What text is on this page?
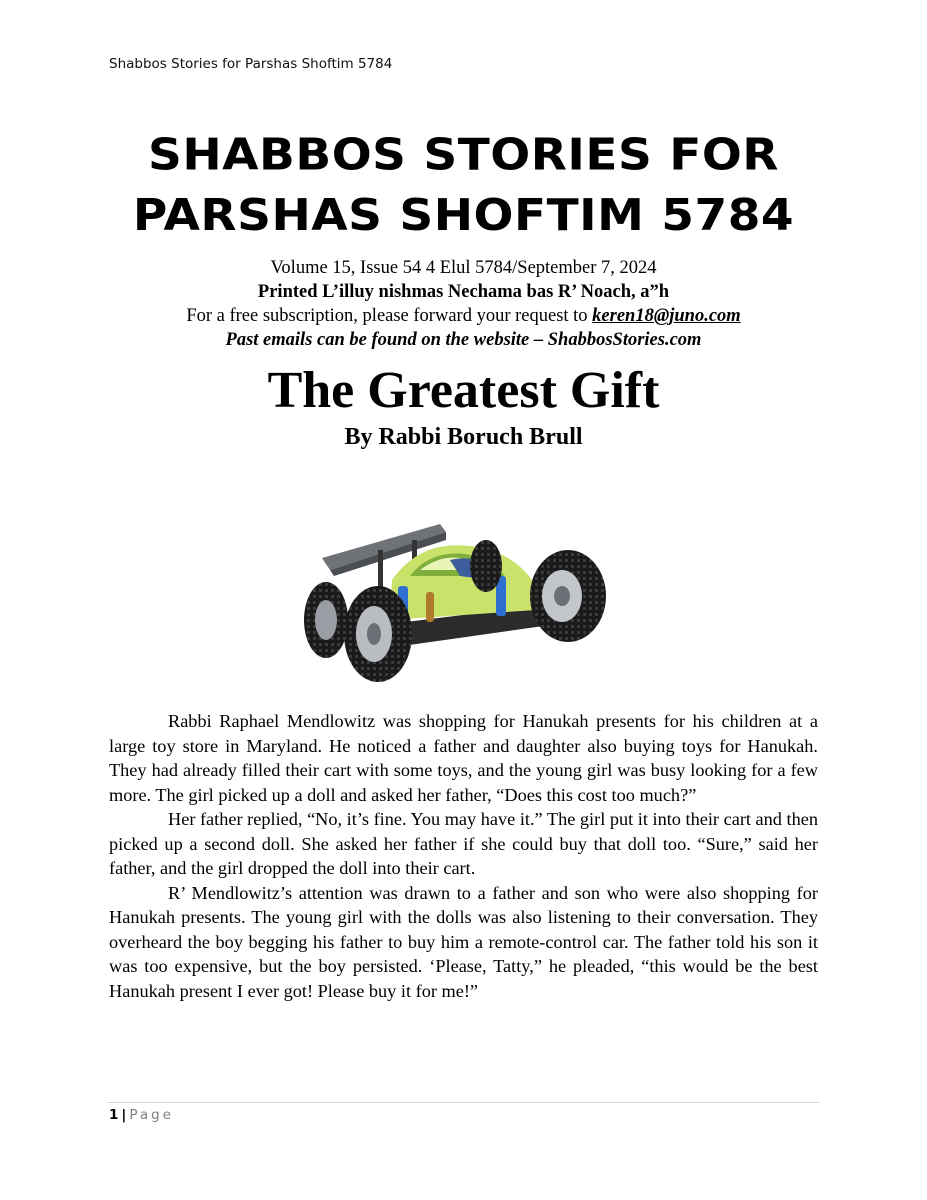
Shabbos Stories for Parshas Shoftim 5784
SHABBOS STORIES FOR
PARSHAS SHOFTIM 5784
Volume 15, Issue 54 4 Elul 5784/September 7, 2024
Printed L’illuy nishmas Nechama bas R’ Noach, a”h
For a free subscription, please forward your request to keren18@juno.com
Past emails can be found on the website – ShabbosStories.com
The Greatest Gift
By Rabbi Boruch Brull

Rabbi Raphael Mendlowitz was shopping for Hanukah presents for his children at a large toy store in Maryland. He noticed a father and daughter also buying toys for Hanukah. They had already filled their cart with some toys, and the young girl was busy looking for a few more. The girl picked up a doll and asked her father, “Does this cost too much?”

Her father replied, “No, it’s fine. You may have it.” The girl put it into their cart and then picked up a second doll. She asked her father if she could buy that doll too. “Sure,” said her father, and the girl dropped the doll into their cart.

R’ Mendlowitz’s attention was drawn to a father and son who were also shopping for Hanukah presents. The young girl with the dolls was also listening to their conversation. They overheard the boy begging his father to buy him a remote-control car. The father told his son it was too expensive, but the boy persisted. ‘Please, Tatty,” he pleaded, “this would be the best Hanukah present I ever got! Please buy it for me!”

1 | Page
